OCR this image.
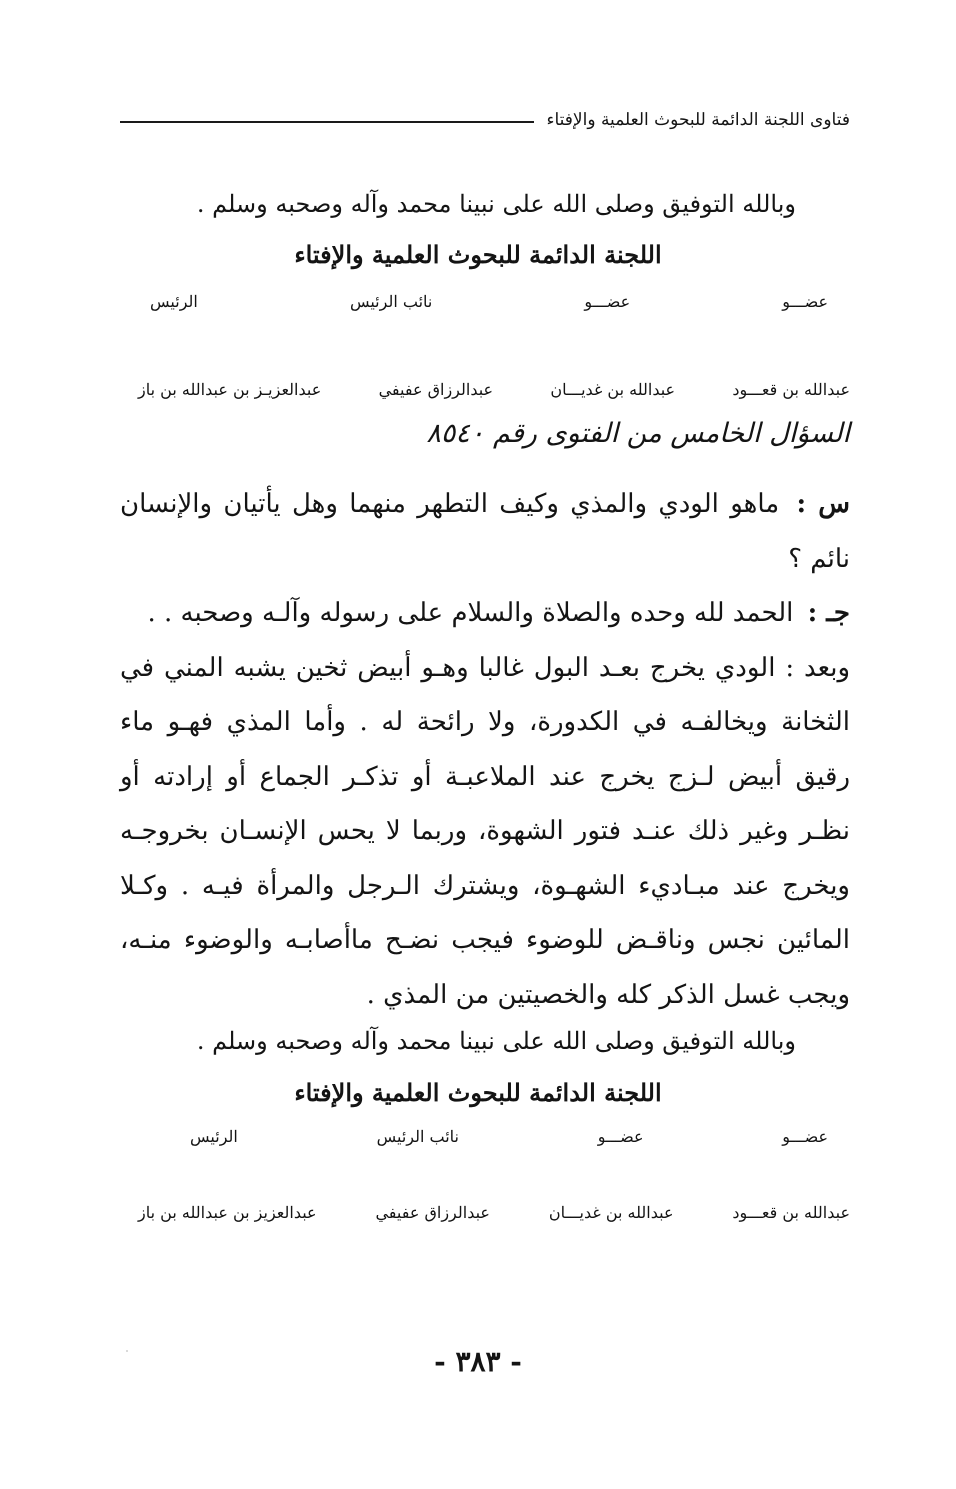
فتاوى اللجنة الدائمة للبحوث العلمية والإفتاء
وبالله التوفيق وصلى الله على نبينا محمد وآله وصحبه وسلم .
اللجنة الدائمة للبحوث العلمية والإفتاء
عضـــو
عضـــو
نائب الرئيس
الرئيس
عبدالله بن قعـــود
عبدالله بن غديـــان
عبدالرزاق عفيفي
عبدالعزيـز بن عبدالله بن باز
السؤال الخامس من الفتوى رقم ٨٥٤٠

س : ماهو الودي والمذي وكيف التطهر منهما وهل يأتيان والإنسان نائم ؟

جـ : الحمد لله وحده والصلاة والسلام على رسوله وآلـه وصحبه . .

وبعد : الودي يخرج بعـد البول غالبا وهـو أبيض ثخين يشبه المني في الثخانة ويخالفـه في الكدورة، ولا رائحة له . وأما المذي فهـو ماء رقيق أبيض لـزج يخرج عند الملاعبـة أو تذكـر الجماع أو إرادته أو نظـر وغير ذلك عنـد فتور الشهوة، وربما لا يحس الإنسـان بخروجـه ويخرج عند مبـاديء الشهـوة، ويشترك الـرجل والمرأة فيـه . وكـلا المائين نجس وناقـض للوضوء فيجب نضـح ماأصابـه والوضوء منـه، ويجب غسل الذكر كله والخصيتين من المذي .

وبالله التوفيق وصلى الله على نبينا محمد وآله وصحبه وسلم .
اللجنة الدائمة للبحوث العلمية والإفتاء
عضـــو
عضـــو
نائب الرئيس
الرئيس
عبدالله بن قعـــود
عبدالله بن غديـــان
عبدالرزاق عفيفي
عبدالعزيز بن عبدالله بن باز
- ٣٨٣ -
